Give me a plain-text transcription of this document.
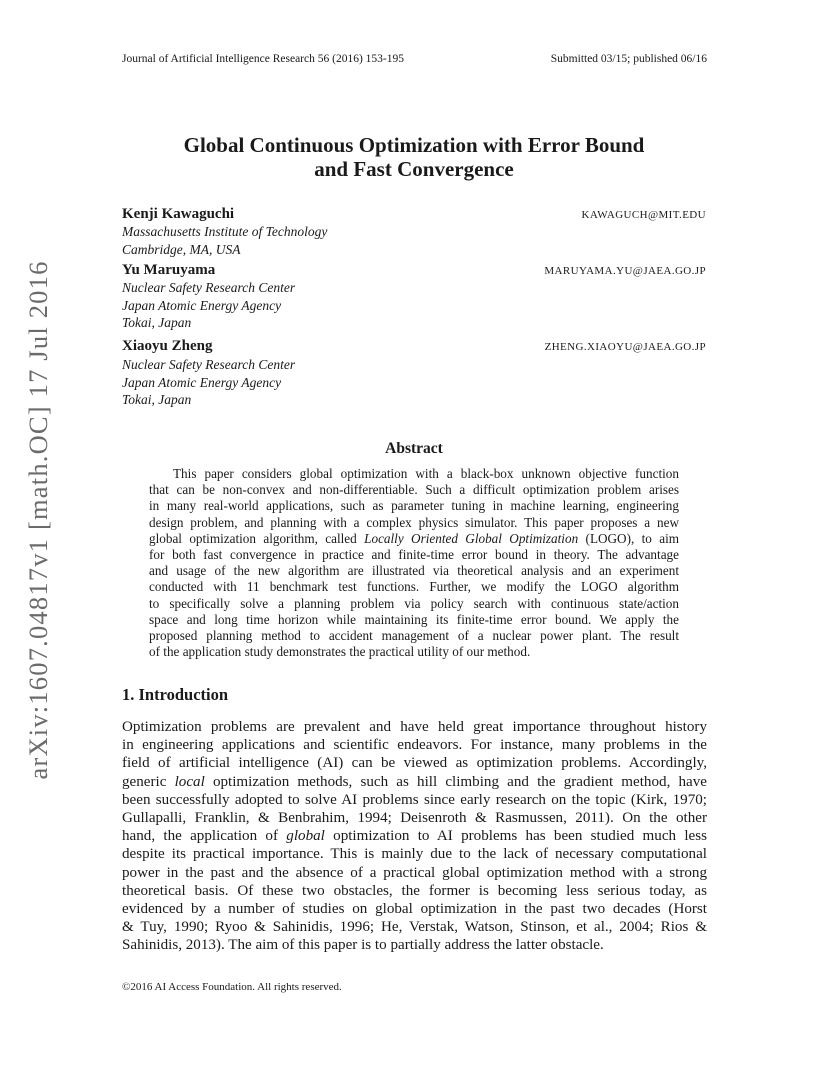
arXiv:1607.04817v1 [math.OC] 17 Jul 2016
Journal of Artificial Intelligence Research 56 (2016) 153-195	Submitted 03/15; published 06/16
Global Continuous Optimization with Error Bound
and Fast Convergence
Kenji Kawaguchi	KAWAGUCH@MIT.EDU
Massachusetts Institute of Technology
Cambridge, MA, USA
Yu Maruyama	MARUYAMA.YU@JAEA.GO.JP
Nuclear Safety Research Center
Japan Atomic Energy Agency
Tokai, Japan
Xiaoyu Zheng	ZHENG.XIAOYU@JAEA.GO.JP
Nuclear Safety Research Center
Japan Atomic Energy Agency
Tokai, Japan
Abstract
This paper considers global optimization with a black-box unknown objective function
that can be non-convex and non-differentiable. Such a difficult optimization problem arises
in many real-world applications, such as parameter tuning in machine learning, engineering
design problem, and planning with a complex physics simulator. This paper proposes a new
global optimization algorithm, called Locally Oriented Global Optimization (LOGO), to aim
for both fast convergence in practice and finite-time error bound in theory. The advantage
and usage of the new algorithm are illustrated via theoretical analysis and an experiment
conducted with 11 benchmark test functions. Further, we modify the LOGO algorithm
to specifically solve a planning problem via policy search with continuous state/action
space and long time horizon while maintaining its finite-time error bound. We apply the
proposed planning method to accident management of a nuclear power plant. The result
of the application study demonstrates the practical utility of our method.
1. Introduction
Optimization problems are prevalent and have held great importance throughout history
in engineering applications and scientific endeavors. For instance, many problems in the
field of artificial intelligence (AI) can be viewed as optimization problems. Accordingly,
generic local optimization methods, such as hill climbing and the gradient method, have
been successfully adopted to solve AI problems since early research on the topic (Kirk, 1970;
Gullapalli, Franklin, & Benbrahim, 1994; Deisenroth & Rasmussen, 2011). On the other
hand, the application of global optimization to AI problems has been studied much less
despite its practical importance. This is mainly due to the lack of necessary computational
power in the past and the absence of a practical global optimization method with a strong
theoretical basis. Of these two obstacles, the former is becoming less serious today, as
evidenced by a number of studies on global optimization in the past two decades (Horst
& Tuy, 1990; Ryoo & Sahinidis, 1996; He, Verstak, Watson, Stinson, et al., 2004; Rios &
Sahinidis, 2013). The aim of this paper is to partially address the latter obstacle.
©2016 AI Access Foundation. All rights reserved.
